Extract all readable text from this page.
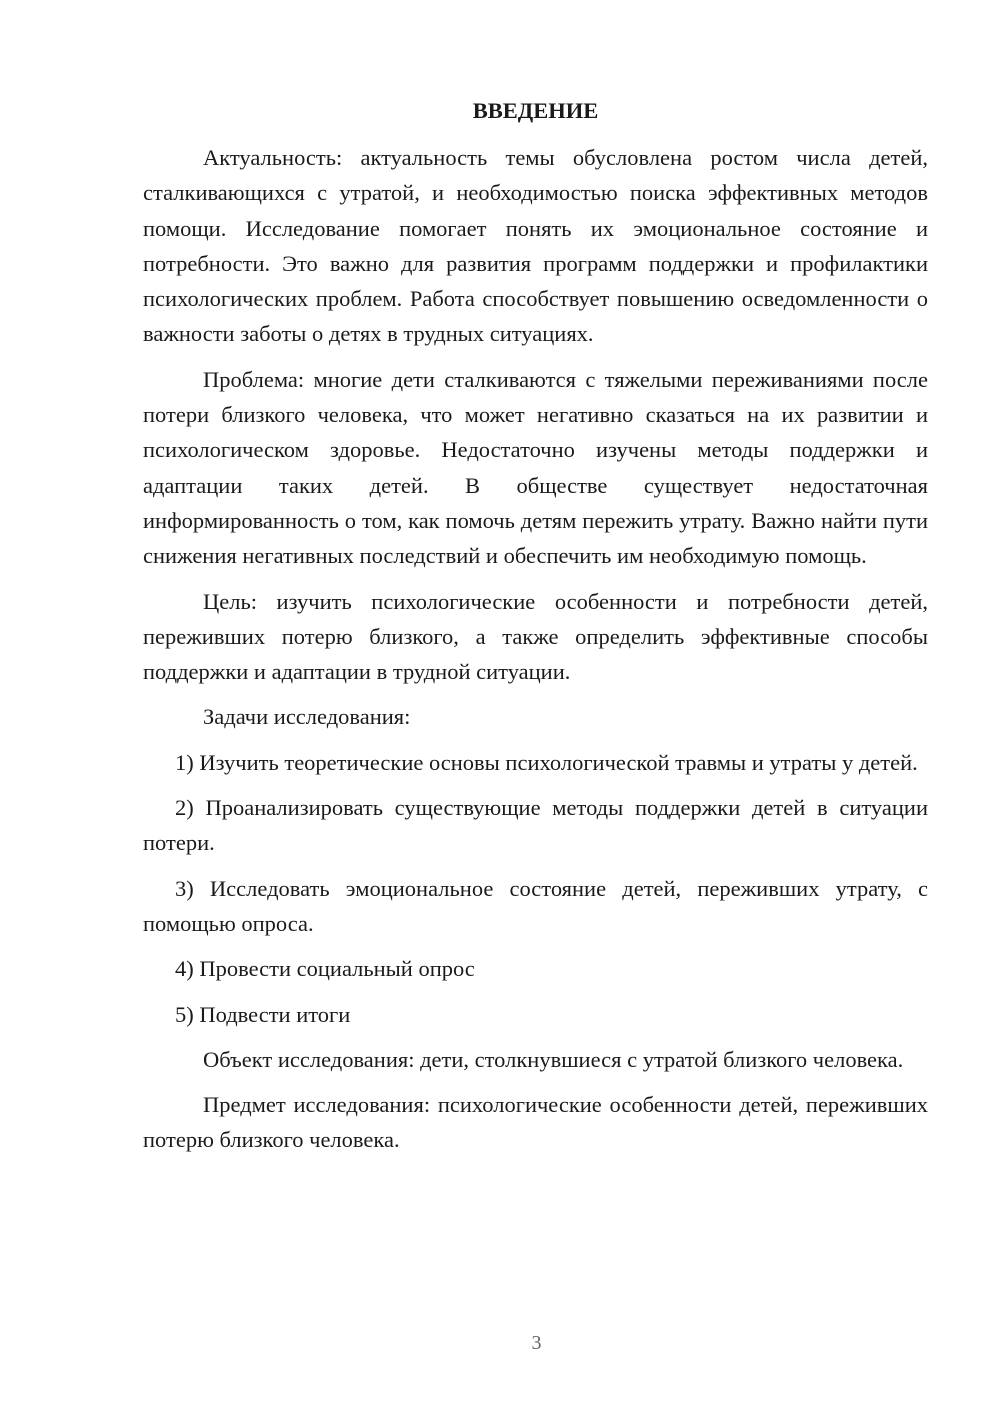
ВВЕДЕНИЕ

Актуальность: актуальность темы обусловлена ростом числа детей, сталкивающихся с утратой, и необходимостью поиска эффективных методов помощи. Исследование помогает понять их эмоциональное состояние и потребности. Это важно для развития программ поддержки и профилактики психологических проблем. Работа способствует повышению осведомленности о важности заботы о детях в трудных ситуациях.

Проблема: многие дети сталкиваются с тяжелыми переживаниями после потери близкого человека, что может негативно сказаться на их развитии и психологическом здоровье. Недостаточно изучены методы поддержки и адаптации таких детей. В обществе существует недостаточная информированность о том, как помочь детям пережить утрату. Важно найти пути снижения негативных последствий и обеспечить им необходимую помощь.

Цель: изучить психологические особенности и потребности детей, переживших потерю близкого, а также определить эффективные способы поддержки и адаптации в трудной ситуации.

Задачи исследования:

1) Изучить теоретические основы психологической травмы и утраты у детей.

2) Проанализировать существующие методы поддержки детей в ситуации потери.

3) Исследовать эмоциональное состояние детей, переживших утрату, с помощью опроса.

4) Провести социальный опрос

5) Подвести итоги

Объект исследования: дети, столкнувшиеся с утратой близкого человека.

Предмет исследования: психологические особенности детей, переживших потерю близкого человека.

3
